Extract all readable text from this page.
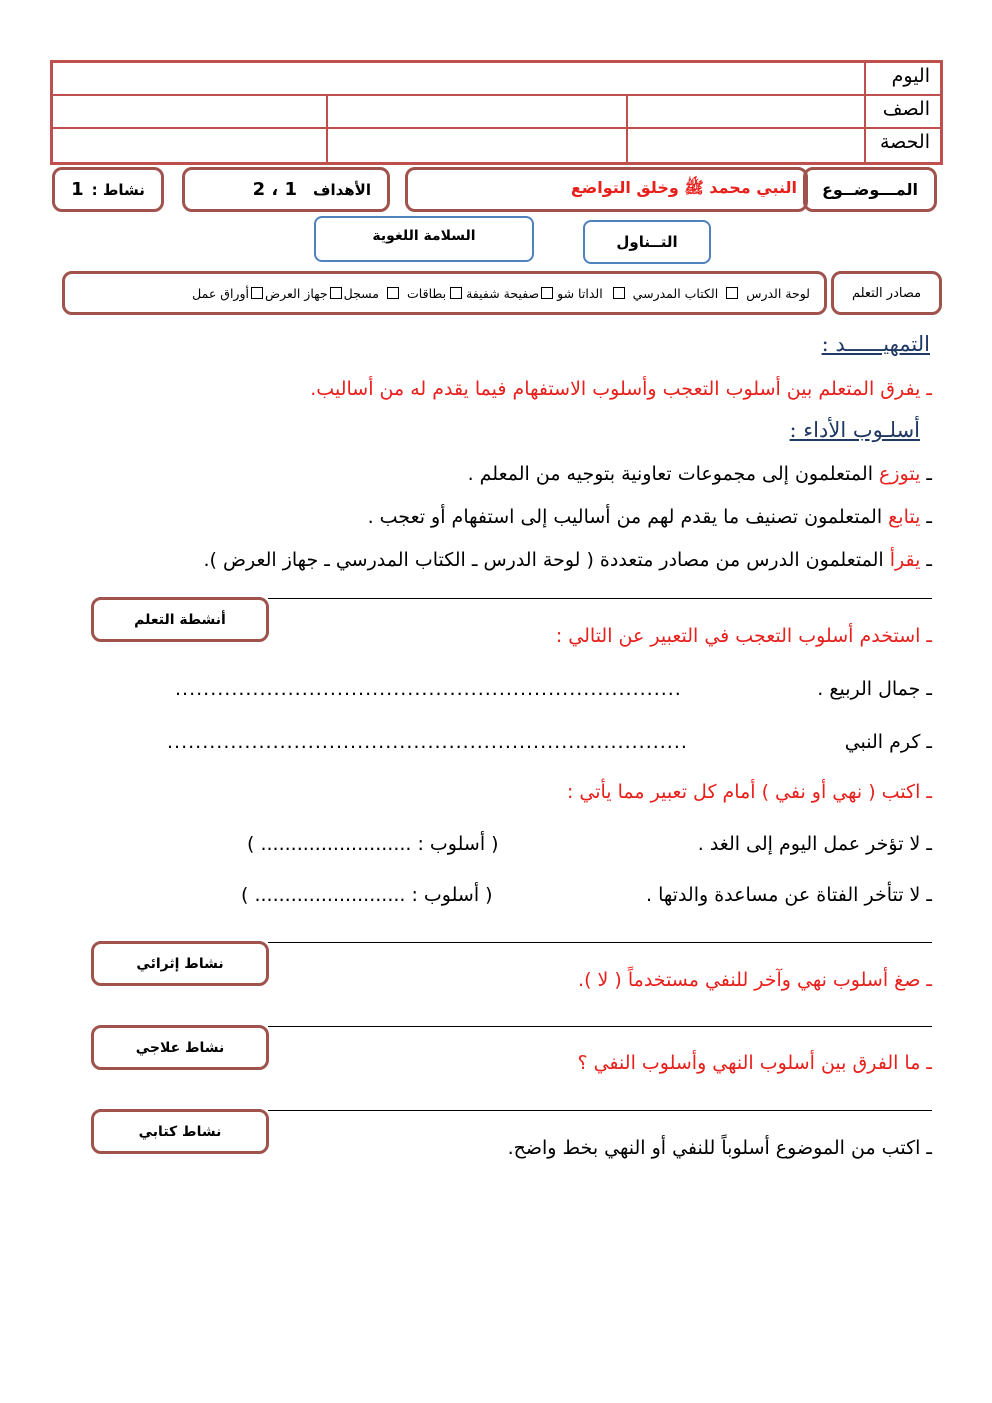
اليوم
الصف
الحصة
المـــوضــوع
النبي محمد ﷺ وخلق التواضع
الأهداف
1 ، 2
نشاط :
1
التــناول
السلامة اللغوية
مصادر التعلم
لوحة الدرس
الكتاب المدرسي
الداتا شو
صفيحة شفيفة
بطاقات
مسجل
جهاز العرض
أوراق عمل
التمهيــــــد :
ـ يفرق المتعلم بين أسلوب التعجب وأسلوب الاستفهام فيما يقدم له من أساليب.
أسلـوب الأداء :
ـ يتوزع المتعلمون إلى مجموعات تعاونية بتوجيه من المعلم .
ـ يتابع المتعلمون تصنيف ما يقدم لهم من أساليب إلى استفهام أو تعجب .
ـ يقرأ المتعلمون الدرس من مصادر متعددة ( لوحة الدرس ـ الكتاب المدرسي ـ جهاز العرض ).
أنشطة التعلم
ـ استخدم أسلوب التعجب في التعبير عن التالي :
ـ جمال الربيع .
........................................................................
ـ كرم النبي
..........................................................................
ـ اكتب ( نهي أو نفي ) أمام كل تعبير مما يأتي :
ـ لا تؤخر عمل اليوم إلى الغد .
( أسلوب : ......................... )
ـ لا تتأخر الفتاة عن مساعدة والدتها .
( أسلوب : ......................... )
نشاط إثرائي
ـ صغ أسلوب نهي وآخر للنفي مستخدماً ( لا ).
نشاط علاجي
ـ ما الفرق بين أسلوب النهي وأسلوب النفي ؟
نشاط كتابي
ـ اكتب من الموضوع أسلوباً للنفي أو النهي بخط واضح.
